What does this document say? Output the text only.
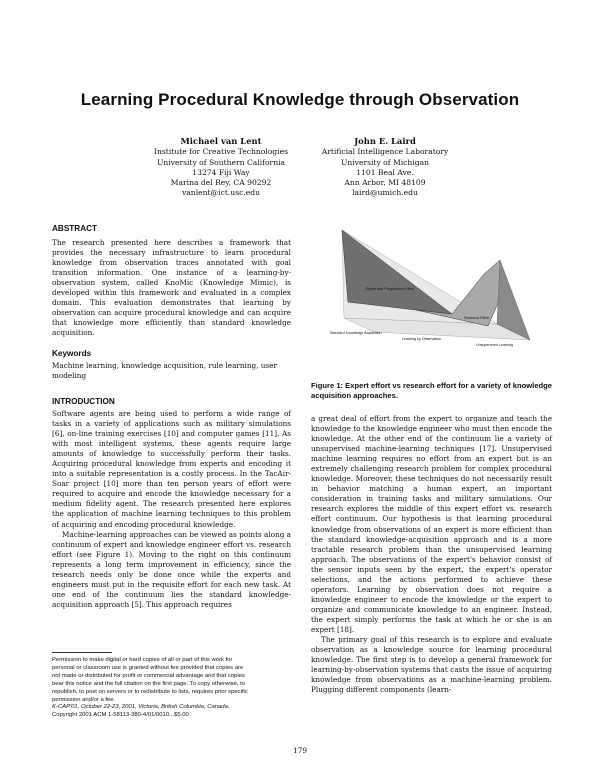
Learning Procedural Knowledge through Observation
Michael van Lent
Institute for Creative Technologies
University of Southern California
13274 Fiji Way
Marina del Rey, CA 90292
vanlent@ict.usc.edu
John E. Laird
Artificial Intelligence Laboratory
University of Michigan
1101 Beal Ave.
Ann Arbor, MI 48109
laird@umich.edu
ABSTRACT
The research presented here describes a framework that provides the necessary infrastructure to learn procedural knowledge from observation traces annotated with goal transition information. One instance of a learning-by-observation system, called KnoMic (Knowledge Mimic), is developed within this framework and evaluated in a complex domain. This evaluation demonstrates that learning by observation can acquire procedural knowledge and can acquire that knowledge more efficiently than standard knowledge acquisition.
Keywords
Machine learning, knowledge acquisition, rule learning, user modeling
INTRODUCTION

Software agents are being used to perform a wide range of tasks in a variety of applications such as military simulations [6], on-line training exercises [10] and computer games [11]. As with most intelligent systems, these agents require large amounts of knowledge to successfully perform their tasks. Acquiring procedural knowledge from experts and encoding it into a suitable representation is a costly process. In the TacAir-Soar project [10] more than ten person years of effort were required to acquire and encode the knowledge necessary for a medium fidelity agent. The research presented here explores the application of machine learning techniques to this problem of acquiring and encoding procedural knowledge.

Machine-learning approaches can be viewed as points along a continuum of expert and knowledge engineer effort vs. research effort (see Figure 1). Moving to the right on this continuum represents a long term improvement in efficiency, since the research needs only be done once while the experts and engineers must put in the requisite effort for each new task. At one end of the continuum lies the standard knowledge-acquisition approach [5]. This approach requires

Permission to make digital or hard copies of all or part of this work for

personal or classroom use is granted without fee provided that copies are

not made or distributed for profit or commercial advantage and that copies

bear this notice and the full citation on the first page. To copy otherwise, to

republish, to post on servers or to redistribute to lists, requires prior specific

permission and/or a fee.

K-CAP'01, October 22-23, 2001, Victoria, British Columbia, Canada.

Copyright 2001 ACM 1-58113-380-4/01/0010...$5.00

Expert and Programmer Effort
Research Effort
Standard Knowledge Acquisition
Learning by Observation
Unsupervised Learning
Figure 1: Expert effort vs research effort for a variety of knowledge acquisition approaches.

a great deal of effort from the expert to organize and teach the knowledge to the knowledge engineer who must then encode the knowledge. At the other end of the continuum lie a variety of unsupervised machine-learning techniques [17]. Unsupervised machine learning requires no effort from an expert but is an extremely challenging research problem for complex procedural knowledge. Moreover, these techniques do not necessarily result in behavior matching a human expert, an important consideration in training tasks and military simulations. Our research explores the middle of this expert effort vs. research effort continuum. Our hypothesis is that learning procedural knowledge from observations of an expert is more efficient than the standard knowledge-acquisition approach and is a more tractable research problem than the unsupervised learning approach. The observations of the expert's behavior consist of the sensor inputs seen by the expert, the expert's operator selections, and the actions performed to achieve these operators. Learning by observation does not require a knowledge engineer to encode the knowledge or the expert to organize and communicate knowledge to an engineer. Instead, the expert simply performs the task at which he or she is an expert [18].

The primary goal of this research is to explore and evaluate observation as a knowledge source for learning procedural knowledge. The first step is to develop a general framework for learning-by-observation systems that casts the issue of acquiring knowledge from observations as a machine-learning problem. Plugging different components (learn-

179
